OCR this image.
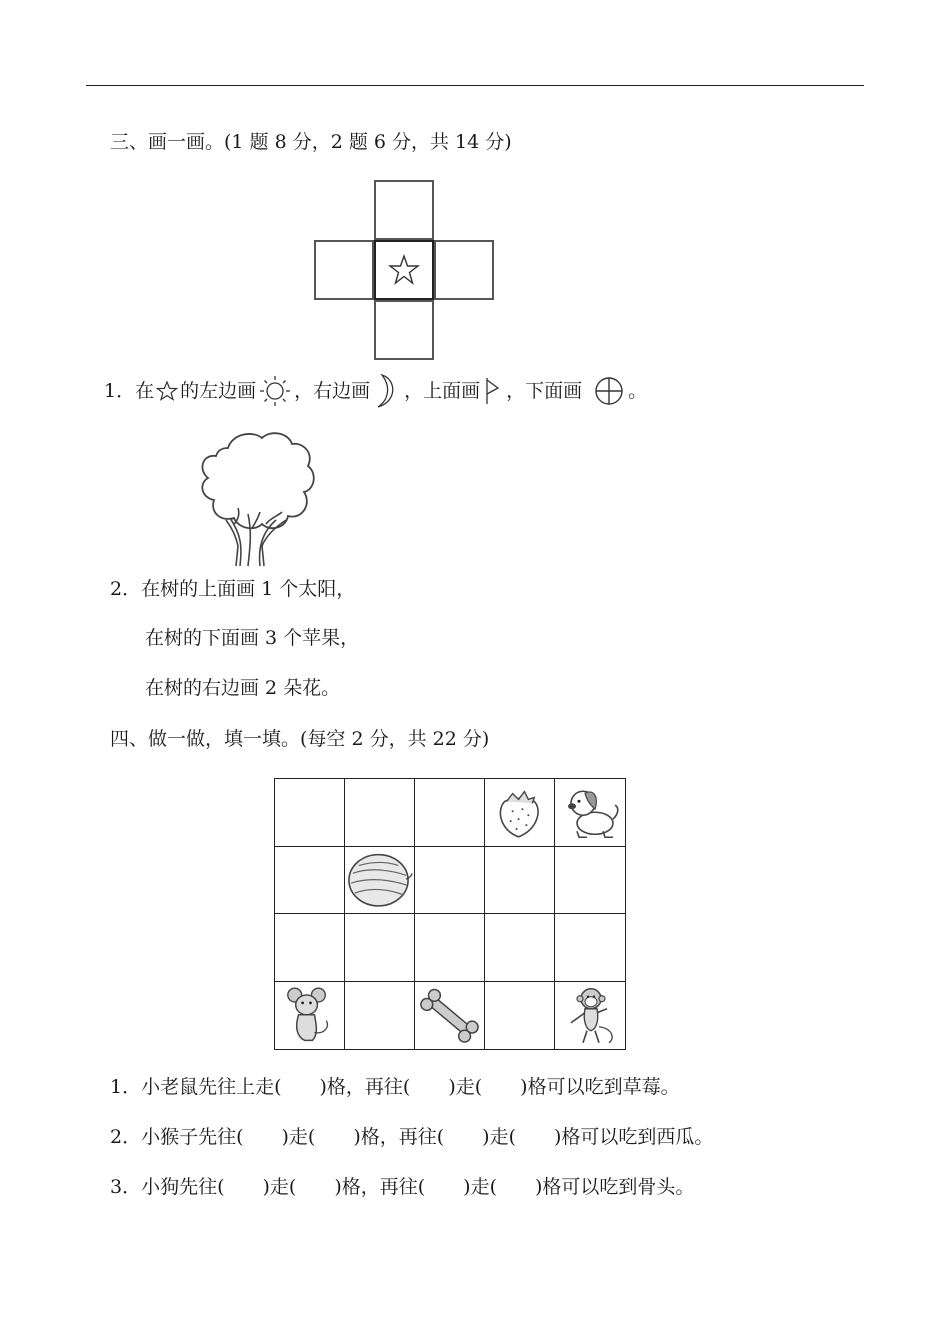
三、画一画。(1 题 8 分，2 题 6 分，共 14 分)
1． 在 的左边画 ，右边画 ，上面画 ，下面画 。
2．在树的上面画 1 个太阳，
在树的下面画 3 个苹果，
在树的右边画 2 朵花。
四、做一做，填一填。(每空 2 分，共 22 分)
1．小老鼠先往上走(　　)格，再往(　　)走(　　)格可以吃到草莓。
2．小猴子先往(　　)走(　　)格，再往(　　)走(　　)格可以吃到西瓜。
3．小狗先往(　　)走(　　)格，再往(　　)走(　　)格可以吃到骨头。
